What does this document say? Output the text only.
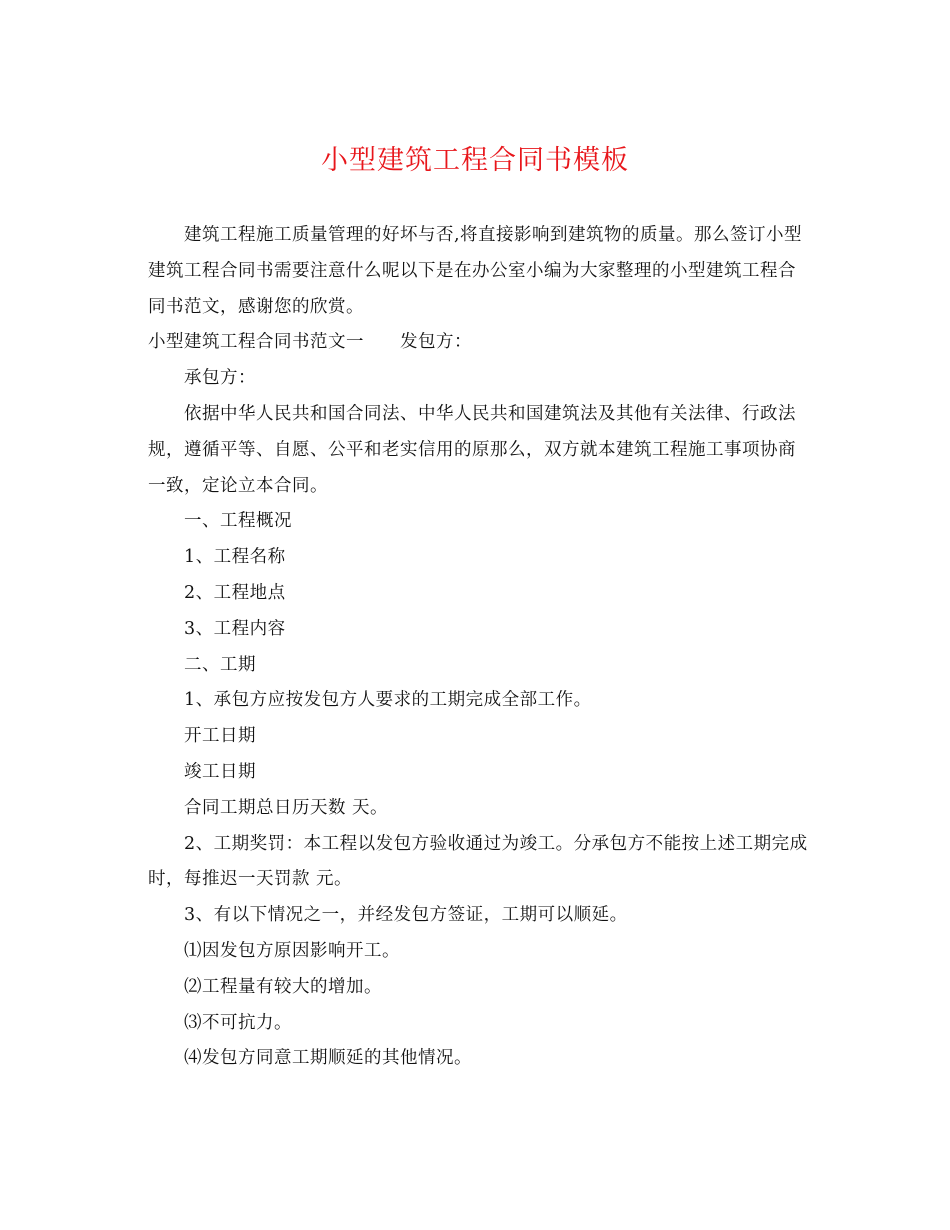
小型建筑工程合同书模板

建筑工程施工质量管理的好坏与否,将直接影响到建筑物的质量。那么签订小型建筑工程合同书需要注意什么呢以下是在办公室小编为大家整理的小型建筑工程合同书范文，感谢您的欣赏。

小型建筑工程合同书范文一 发包方：

承包方：

依据中华人民共和国合同法、中华人民共和国建筑法及其他有关法律、行政法规，遵循平等、自愿、公平和老实信用的原那么，双方就本建筑工程施工事项协商一致，定论立本合同。

一、工程概况

1、工程名称

2、工程地点

3、工程内容

二、工期

1、承包方应按发包方人要求的工期完成全部工作。

开工日期

竣工日期

合同工期总日历天数 天。

2、工期奖罚：本工程以发包方验收通过为竣工。分承包方不能按上述工期完成时，每推迟一天罚款 元。

3、有以下情况之一，并经发包方签证，工期可以顺延。

⑴因发包方原因影响开工。

⑵工程量有较大的增加。

⑶不可抗力。

⑷发包方同意工期顺延的其他情况。
